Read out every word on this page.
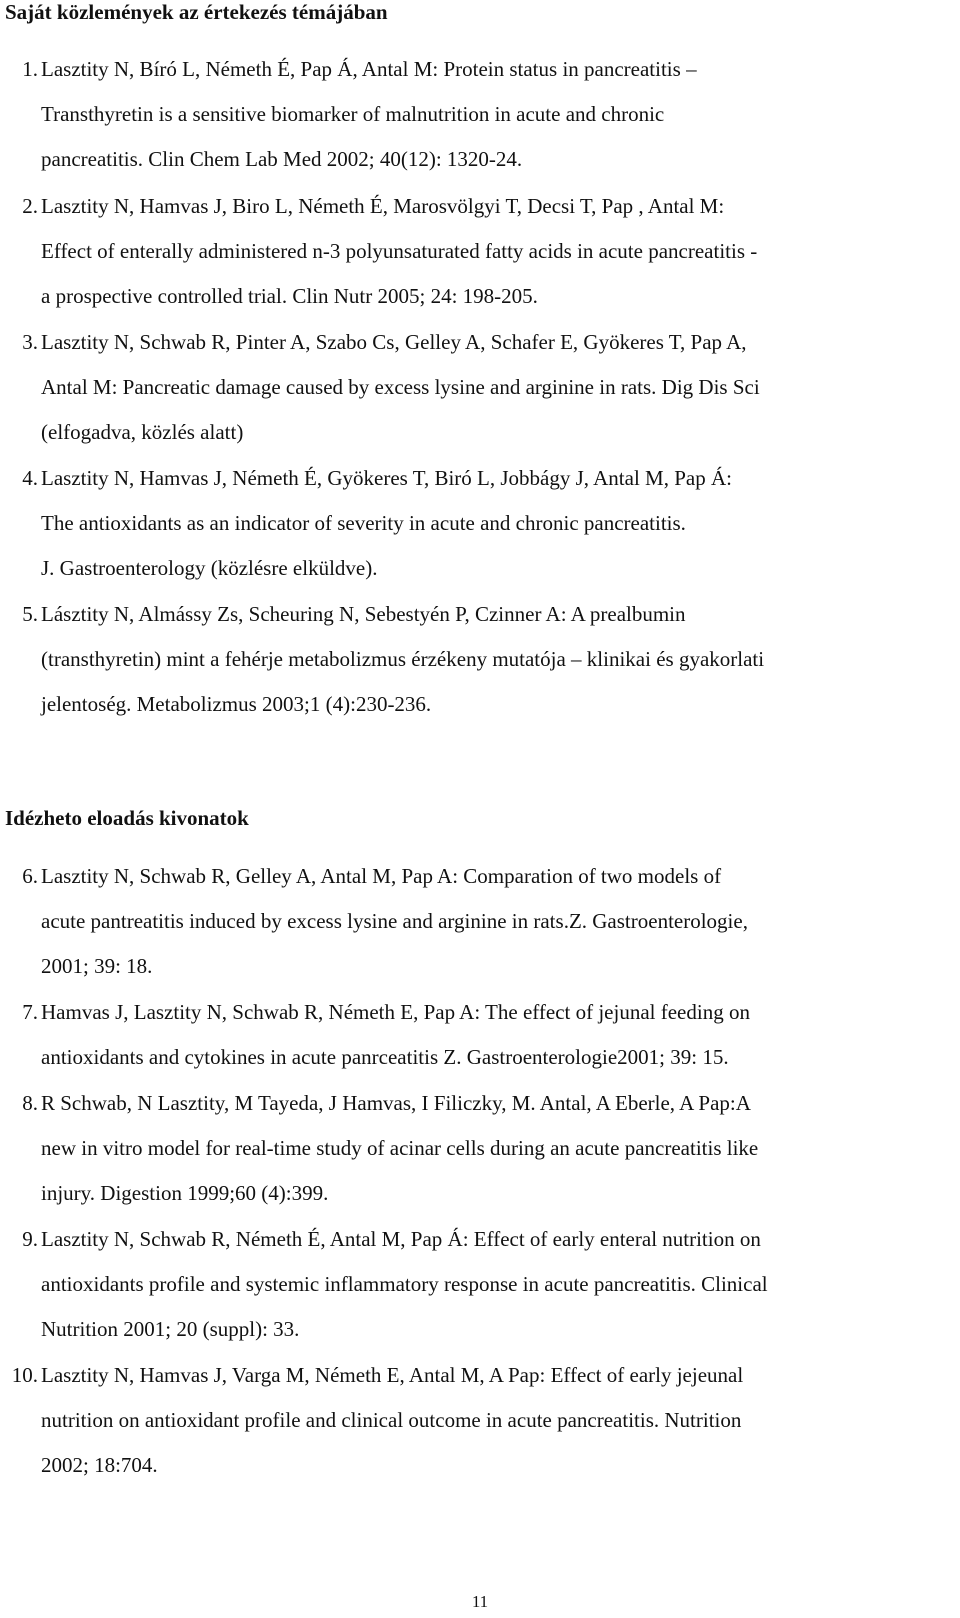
Saját közlemények az értekezés témájában
1. Lasztity N, Bíró L, Németh É, Pap Á, Antal M: Protein status in pancreatitis –
Transthyretin is a sensitive biomarker of malnutrition in acute and chronic
pancreatitis. Clin Chem Lab Med 2002; 40(12): 1320-24.
2. Lasztity N, Hamvas J, Biro L, Németh É, Marosvölgyi T, Decsi T, Pap , Antal M:
Effect of enterally administered n-3 polyunsaturated fatty acids in acute pancreatitis -
a prospective controlled trial. Clin Nutr 2005; 24: 198-205.
3. Lasztity N, Schwab R, Pinter A, Szabo Cs, Gelley A, Schafer E, Gyökeres T, Pap A,
Antal M: Pancreatic damage caused by excess lysine and arginine in rats. Dig Dis Sci
(elfogadva, közlés alatt)
4. Lasztity N, Hamvas J, Németh É, Gyökeres T, Biró L, Jobbágy J, Antal M, Pap Á:
The antioxidants as an indicator of severity in acute and chronic pancreatitis.
J. Gastroenterology (közlésre elküldve).
5. Lásztity N, Almássy Zs, Scheuring N, Sebestyén P, Czinner A: A prealbumin
(transthyretin) mint a fehérje metabolizmus érzékeny mutatója – klinikai és gyakorlati
jelentoség. Metabolizmus 2003;1 (4):230-236.
Idézheto eloadás kivonatok
6. Lasztity N, Schwab R, Gelley A, Antal M, Pap A: Comparation of two models of
acute pantreatitis induced by excess lysine and arginine in rats.Z. Gastroenterologie,
2001; 39: 18.
7. Hamvas J, Lasztity N, Schwab R, Németh E, Pap A: The effect of jejunal feeding on
antioxidants and cytokines in acute panrceatitis Z. Gastroenterologie2001; 39: 15.
8. R Schwab, N Lasztity, M Tayeda, J Hamvas, I Filiczky, M. Antal, A Eberle, A Pap:A
new in vitro model for real-time study of acinar cells during an acute pancreatitis like
injury. Digestion 1999;60 (4):399.
9. Lasztity N, Schwab R, Németh É, Antal M, Pap Á: Effect of early enteral nutrition on
antioxidants profile and systemic inflammatory response in acute pancreatitis. Clinical
Nutrition 2001; 20 (suppl): 33.
10. Lasztity N, Hamvas J, Varga M, Németh E, Antal M, A Pap: Effect of early jejeunal
nutrition on antioxidant profile and clinical outcome in acute pancreatitis. Nutrition
2002; 18:704.
11
